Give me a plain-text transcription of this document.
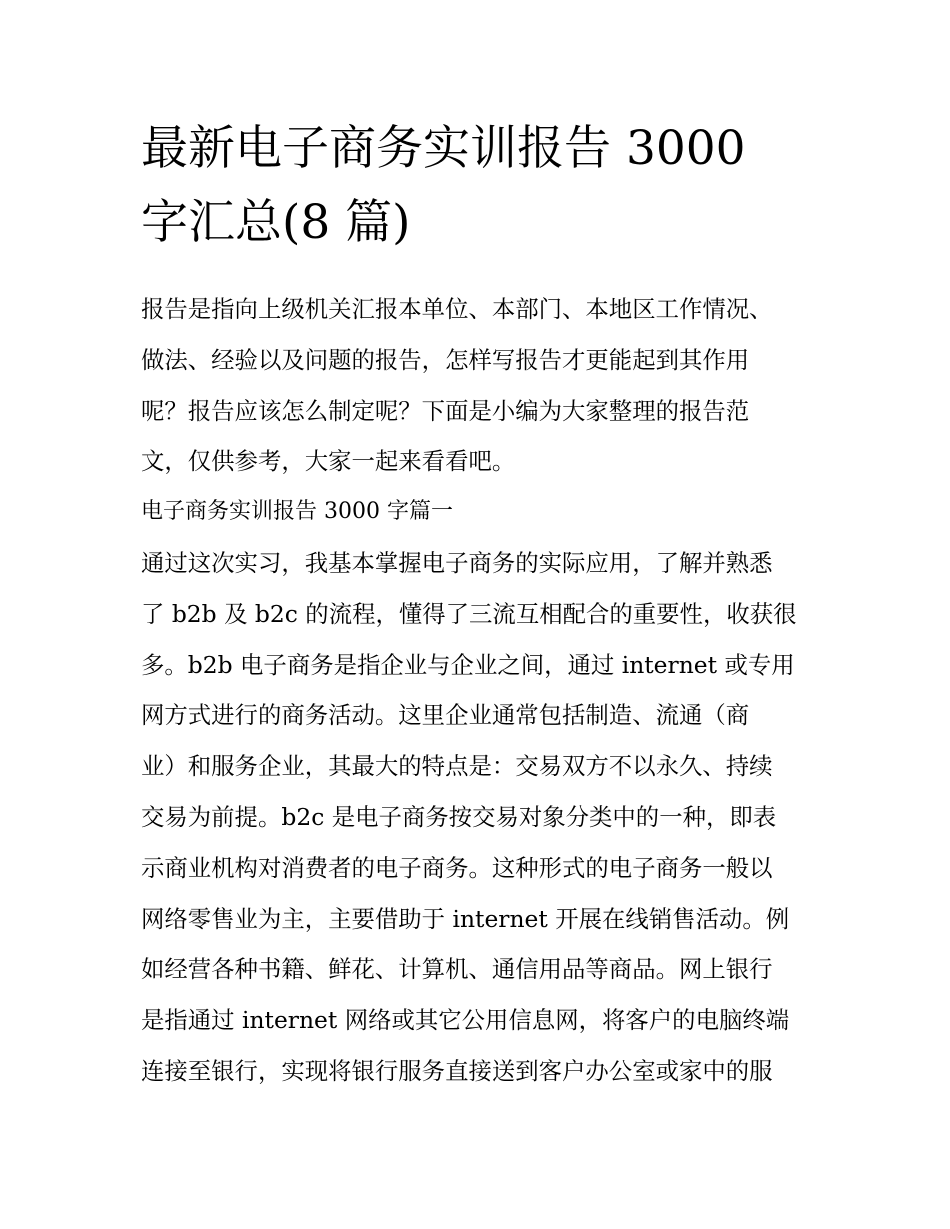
最新电子商务实训报告 3000
字汇总(8 篇)

报告是指向上级机关汇报本单位、本部门、本地区工作情况、
做法、经验以及问题的报告，怎样写报告才更能起到其作用
呢？报告应该怎么制定呢？下面是小编为大家整理的报告范
文，仅供参考，大家一起来看看吧。

电子商务实训报告 3000 字篇一

通过这次实习，我基本掌握电子商务的实际应用，了解并熟悉
了 b2b 及 b2c 的流程，懂得了三流互相配合的重要性，收获很
多。b2b 电子商务是指企业与企业之间，通过 internet 或专用
网方式进行的商务活动。这里企业通常包括制造、流通（商
业）和服务企业，其最大的特点是：交易双方不以永久、持续
交易为前提。b2c 是电子商务按交易对象分类中的一种，即表
示商业机构对消费者的电子商务。这种形式的电子商务一般以
网络零售业为主，主要借助于 internet 开展在线销售活动。例
如经营各种书籍、鲜花、计算机、通信用品等商品。网上银行
是指通过 internet 网络或其它公用信息网，将客户的电脑终端
连接至银行，实现将银行服务直接送到客户办公室或家中的服
